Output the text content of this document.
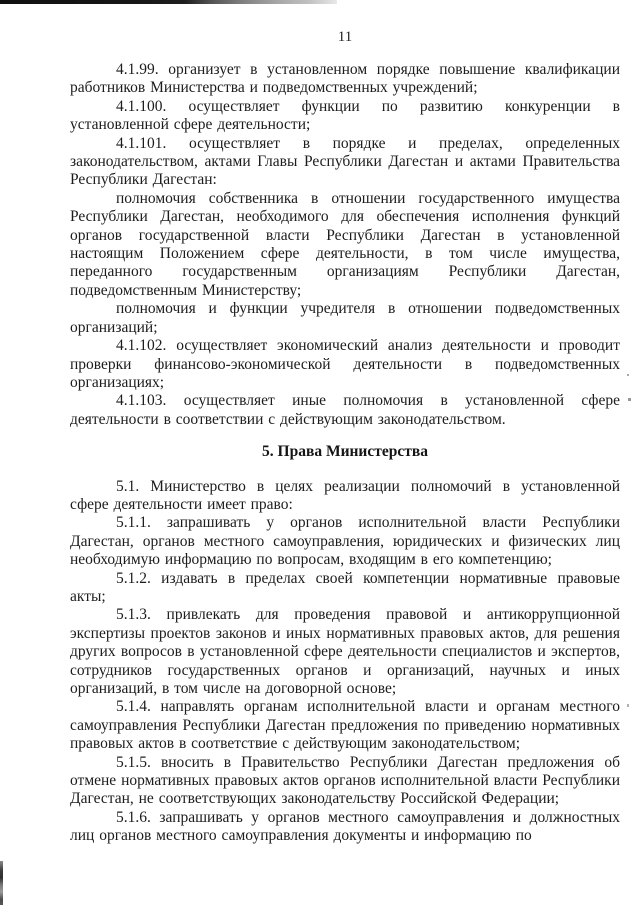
11

4.1.99. организует в установленном порядке повышение квалификации работников Министерства и подведомственных учреждений;

4.1.100. осуществляет функции по развитию конкуренции в установленной сфере деятельности;

4.1.101. осуществляет в порядке и пределах, определенных законодательством, актами Главы Республики Дагестан и актами Правительства Республики Дагестан:

полномочия собственника в отношении государственного имущества Республики Дагестан, необходимого для обеспечения исполнения функций органов государственной власти Республики Дагестан в установленной настоящим Положением сфере деятельности, в том числе имущества, переданного государственным организациям Республики Дагестан, подведомственным Министерству;

полномочия и функции учредителя в отношении подведомственных организаций;

4.1.102. осуществляет экономический анализ деятельности и проводит проверки финансово-экономической деятельности в подведомственных организациях;

4.1.103. осуществляет иные полномочия в установленной сфере деятельности в соответствии с действующим законодательством.

5. Права Министерства

5.1. Министерство в целях реализации полномочий в установленной сфере деятельности имеет право:

5.1.1. запрашивать у органов исполнительной власти Республики Дагестан, органов местного самоуправления, юридических и физических лиц необходимую информацию по вопросам, входящим в его компетенцию;

5.1.2. издавать в пределах своей компетенции нормативные правовые акты;

5.1.3. привлекать для проведения правовой и антикоррупционной экспертизы проектов законов и иных нормативных правовых актов, для решения других вопросов в установленной сфере деятельности специалистов и экспертов, сотрудников государственных органов и организаций, научных и иных организаций, в том числе на договорной основе;

5.1.4. направлять органам исполнительной власти и органам местного самоуправления Республики Дагестан предложения по приведению нормативных правовых актов в соответствие с действующим законодательством;

5.1.5. вносить в Правительство Республики Дагестан предложения об отмене нормативных правовых актов органов исполнительной власти Республики Дагестан, не соответствующих законодательству Российской Федерации;

5.1.6. запрашивать у органов местного самоуправления и должностных лиц органов местного самоуправления документы и информацию по
